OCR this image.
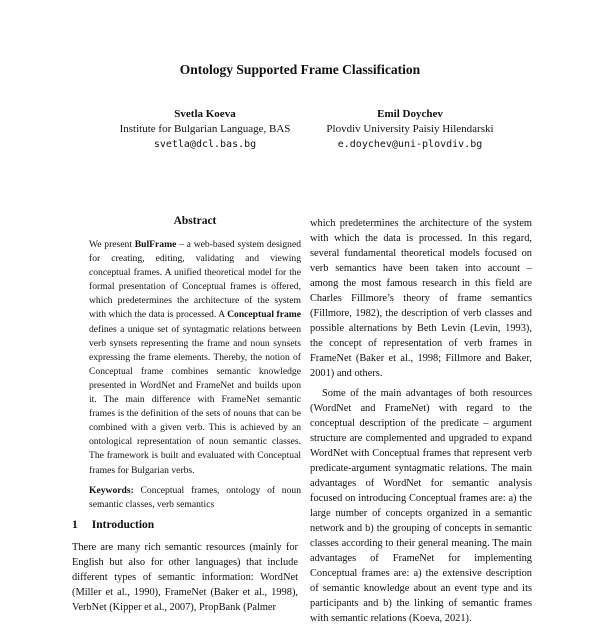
Ontology Supported Frame Classification
Svetla Koeva
Institute for Bulgarian Language, BAS
svetla@dcl.bas.bg
Emil Doychev
Plovdiv University Paisiy Hilendarski
e.doychev@uni-plovdiv.bg
Abstract

We present BulFrame – a web-based system designed for creating, editing, validating and viewing conceptual frames. A unified theoretical model for the formal presentation of Conceptual frames is offered, which predetermines the architecture of the system with which the data is processed. A Conceptual frame defines a unique set of syntagmatic relations between verb synsets representing the frame and noun synsets expressing the frame elements. Thereby, the notion of Conceptual frame combines semantic knowledge presented in WordNet and FrameNet and builds upon it. The main difference with FrameNet semantic frames is the definition of the sets of nouns that can be combined with a given verb. This is achieved by an ontological representation of noun semantic classes. The framework is built and evaluated with Conceptual frames for Bulgarian verbs.

Keywords: Conceptual frames, ontology of noun semantic classes, verb semantics

1 Introduction

There are many rich semantic resources (mainly for English but also for other languages) that include different types of semantic information: WordNet (Miller et al., 1990), FrameNet (Baker et al., 1998), VerbNet (Kipper et al., 2007), PropBank (Palmer

which predetermines the architecture of the system with which the data is processed. In this regard, several fundamental theoretical models focused on verb semantics have been taken into account – among the most famous research in this field are Charles Fillmore’s theory of frame semantics (Fillmore, 1982), the description of verb classes and possible alternations by Beth Levin (Levin, 1993), the concept of representation of verb frames in FrameNet (Baker et al., 1998; Fillmore and Baker, 2001) and others.

Some of the main advantages of both resources (WordNet and FrameNet) with regard to the conceptual description of the predicate – argument structure are complemented and upgraded to expand WordNet with Conceptual frames that represent verb predicate-argument syntagmatic relations. The main advantages of WordNet for semantic analysis focused on introducing Conceptual frames are: a) the large number of concepts organized in a semantic network and b) the grouping of concepts in semantic classes according to their general meaning. The main advantages of FrameNet for implementing Conceptual frames are: a) the extensive description of semantic knowledge about an event type and its participants and b) the linking of semantic frames with semantic relations (Koeva, 2021).
